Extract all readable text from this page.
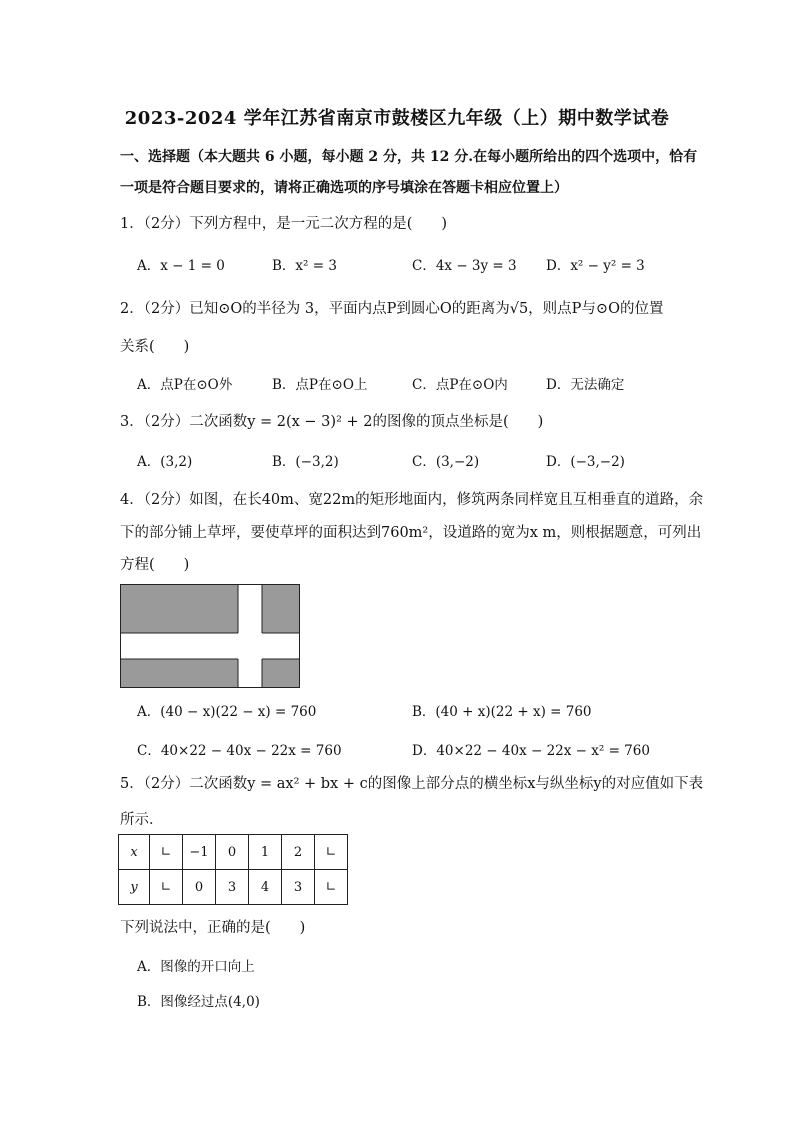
2023-2024 学年江苏省南京市鼓楼区九年级（上）期中数学试卷
一、选择题（本大题共 6 小题，每小题 2 分，共 12 分.在每小题所给出的四个选项中，恰有
一项是符合题目要求的，请将正确选项的序号填涂在答题卡相应位置上）
1．（2分）下列方程中，是一元二次方程的是(　　)
A．x − 1 = 0	B．x² = 3	C．4x − 3y = 3 D．x² − y² = 3
2．（2分）已知⊙O的半径为 3，平面内点P到圆心O的距离为√5，则点P与⊙O的位置
关系(　　)
A．点P在⊙O外	B．点P在⊙O上	C．点P在⊙O内	D．无法确定
3．（2分）二次函数y = 2(x − 3)² + 2的图像的顶点坐标是(　　)
A．(3,2)	B．(−3,2)	C．(3,−2)	D．(−3,−2)
4．（2分）如图，在长40m、宽22m的矩形地面内，修筑两条同样宽且互相垂直的道路，余
下的部分铺上草坪，要使草坪的面积达到760m²，设道路的宽为x m，则根据题意，可列出
方程(　　)
A．(40 − x)(22 − x) = 760	B．(40 + x)(22 + x) = 760
C．40×22 − 40x − 22x = 760	D．40×22 − 40x − 22x − x² = 760
5．（2分）二次函数y = ax² + bx + c的图像上部分点的横坐标x与纵坐标y的对应值如下表
所示．
x	∟	−1	0	1	2	∟
y	∟	0	3	4	3	∟
下列说法中，正确的是(　　)
A．图像的开口向上
B．图像经过点(4,0)
